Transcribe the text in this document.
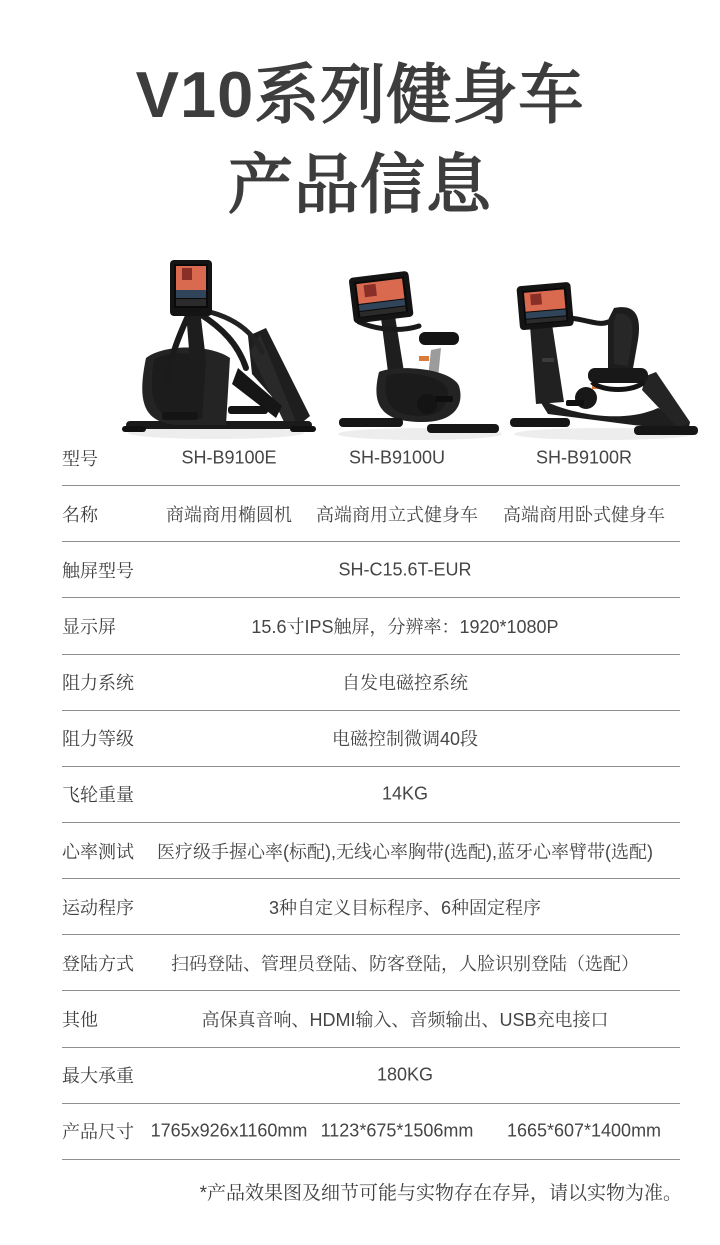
V10系列健身车
产品信息
型号	SH-B9100E	SH-B9100U	SH-B9100R
名称	商端商用椭圆机 高端商用立式健身车 高端商用卧式健身车
触屏型号	SH-C15.6T-EUR
显示屏	15.6寸IPS触屏，分辨率：1920*1080P
阻力系统	自发电磁控系统
阻力等级	电磁控制微调40段
飞轮重量	14KG
心率测试	医疗级手握心率(标配),无线心率胸带(选配),蓝牙心率臂带(选配)
运动程序	3种自定义目标程序、6种固定程序
登陆方式	扫码登陆、管理员登陆、防客登陆，人脸识别登陆（选配）
其他	高保真音响、HDMI输入、音频输出、USB充电接口
最大承重	180KG
产品尺寸 1765x926x1160mm 1123*675*1506mm 1665*607*1400mm
*产品效果图及细节可能与实物存在存异，请以实物为准。
